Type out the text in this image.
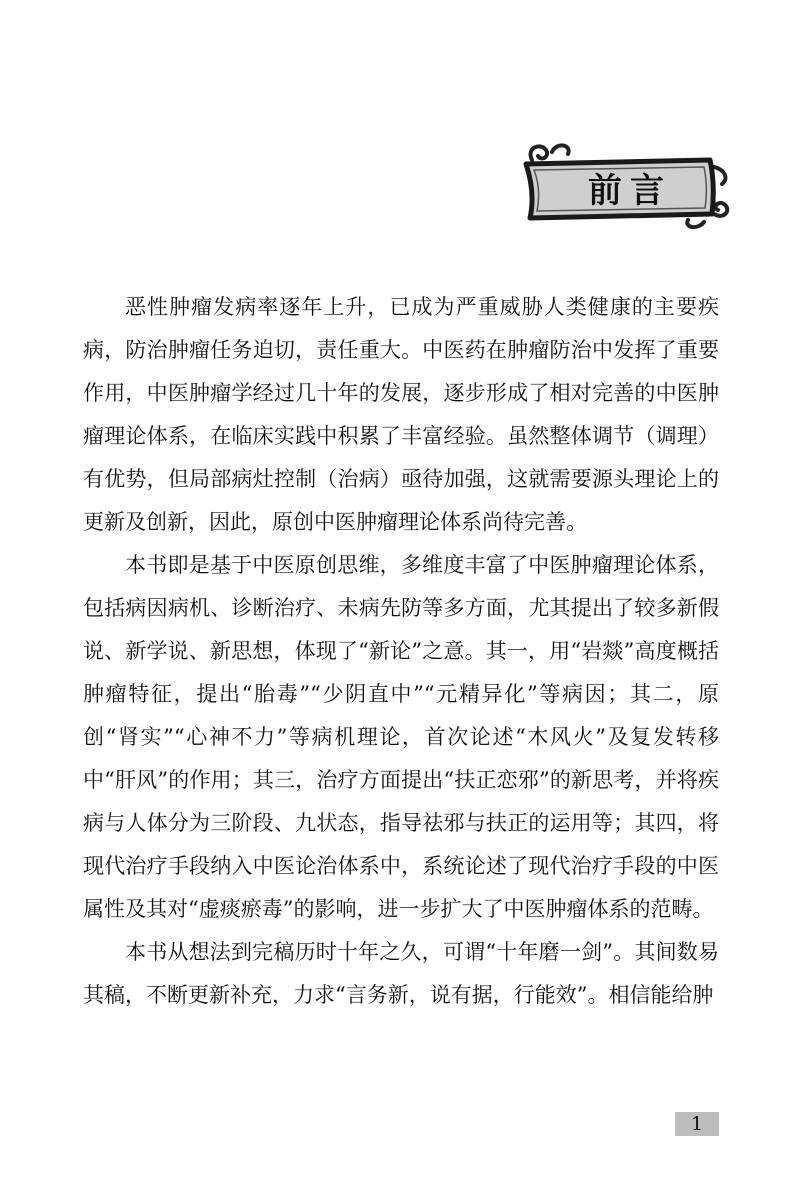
前言

恶性肿瘤发病率逐年上升，已成为严重威胁人类健康的主要疾病，防治肿瘤任务迫切，责任重大。中医药在肿瘤防治中发挥了重要作用，中医肿瘤学经过几十年的发展，逐步形成了相对完善的中医肿瘤理论体系，在临床实践中积累了丰富经验。虽然整体调节（调理）有优势，但局部病灶控制（治病）亟待加强，这就需要源头理论上的更新及创新，因此，原创中医肿瘤理论体系尚待完善。

本书即是基于中医原创思维，多维度丰富了中医肿瘤理论体系，包括病因病机、诊断治疗、未病先防等多方面，尤其提出了较多新假说、新学说、新思想，体现了“新论”之意。其一，用“岩燚”高度概括肿瘤特征，提出“胎毒”“少阴直中”“元精异化”等病因；其二，原创“肾实”“心神不力”等病机理论，首次论述“木风火”及复发转移中“肝风”的作用；其三，治疗方面提出“扶正恋邪”的新思考，并将疾病与人体分为三阶段、九状态，指导祛邪与扶正的运用等；其四，将现代治疗手段纳入中医论治体系中，系统论述了现代治疗手段的中医属性及其对“虚痰瘀毒”的影响，进一步扩大了中医肿瘤体系的范畴。

本书从想法到完稿历时十年之久，可谓“十年磨一剑”。其间数易其稿，不断更新补充，力求“言务新，说有据，行能效”。相信能给肿

1
